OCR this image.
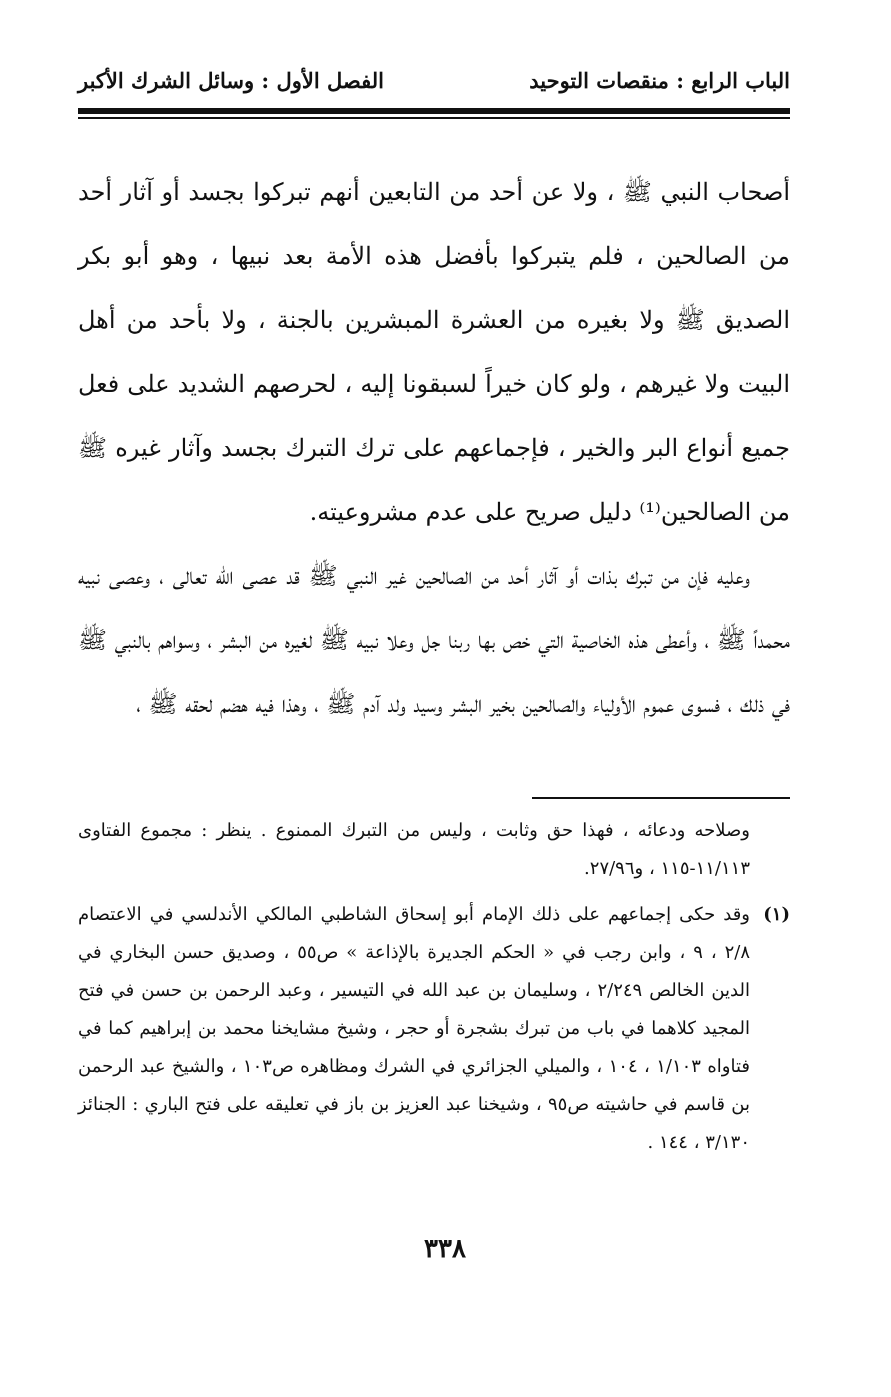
الباب الرابع : منقصات التوحيد
الفصل الأول : وسائل الشرك الأكبر

أصحاب النبي ﷺ ، ولا عن أحد من التابعين أنهم تبركوا بجسد أو آثار أحد من الصالحين ، فلم يتبركوا بأفضل هذه الأمة بعد نبيها ، وهو أبو بكر الصديق ﷺ ولا بغيره من العشرة المبشرين بالجنة ، ولا بأحد من أهل البيت ولا غيرهم ، ولو كان خيراً لسبقونا إليه ، لحرصهم الشديد على فعل جميع أنواع البر والخير ، فإجماعهم على ترك التبرك بجسد وآثار غيره ﷺ من الصالحين⁽¹⁾ دليل صريح على عدم مشروعيته.

وعليه فإن من تبرك بذات أو آثار أحد من الصالحين غير النبي ﷺ قد عصى الله تعالى ، وعصى نبيه محمداً ﷺ ، وأعطى هذه الخاصية التي خص بها ربنا جل وعلا نبيه ﷺ لغيره من البشر ، وسواهم بالنبي ﷺ في ذلك ، فسوى عموم الأولياء والصالحين بخير البشر وسيد ولد آدم ﷺ ، وهذا فيه هضم لحقه ﷺ ،

وصلاحه ودعائه ، فهذا حق وثابت ، وليس من التبرك الممنوع . ينظر : مجموع الفتاوى ١١/١١٣-١١٥ ، و٢٧/٩٦.

(١)
وقد حكى إجماعهم على ذلك الإمام أبو إسحاق الشاطبي المالكي الأندلسي في الاعتصام ٢/٨ ، ٩ ، وابن رجب في « الحكم الجديرة بالإذاعة » ص٥٥ ، وصديق حسن البخاري في الدين الخالص ٢/٢٤٩ ، وسليمان بن عبد الله في التيسير ، وعبد الرحمن بن حسن في فتح المجيد كلاهما في باب من تبرك بشجرة أو حجر ، وشيخ مشايخنا محمد بن إبراهيم كما في فتاواه ١/١٠٣ ، ١٠٤ ، والميلي الجزائري في الشرك ومظاهره ص١٠٣ ، والشيخ عبد الرحمن بن قاسم في حاشيته ص٩٥ ، وشيخنا عبد العزيز بن باز في تعليقه على فتح الباري : الجنائز ٣/١٣٠ ، ١٤٤ .
٣٣٨
